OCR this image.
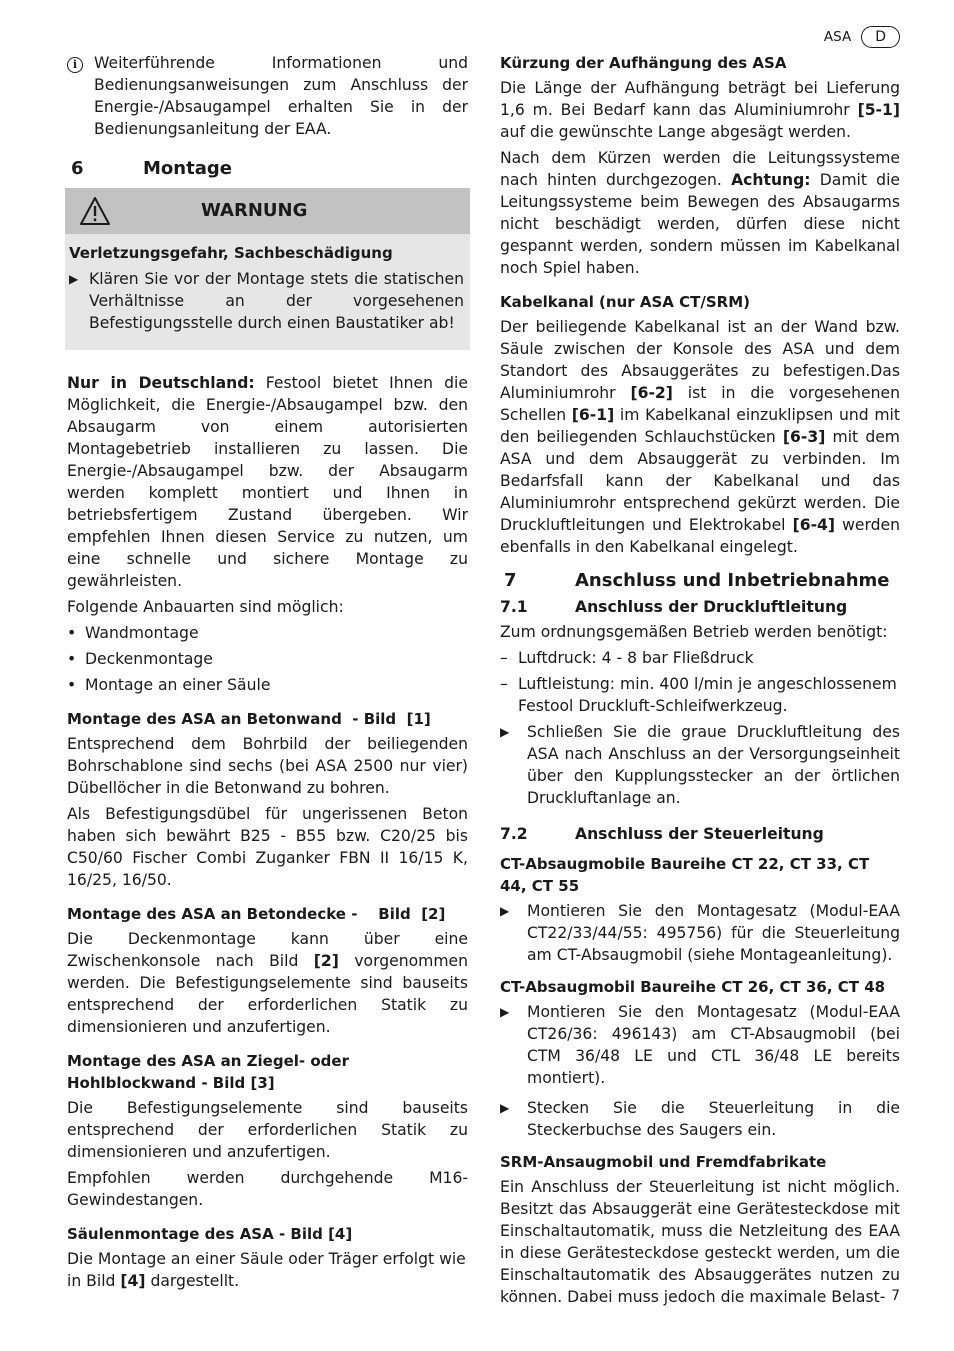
ASA	D
i	Weiterführende Informationen und Bedienungsanweisungen zum Anschluss der Energie-/Absaugampel erhalten Sie in der Bedienungsanleitung der EAA.

6	Montage
WARNUNG
Verletzungsgefahr, Sachbeschädigung
▶ Klären Sie vor der Montage stets die statischen Verhältnisse an der vorgesehenen Befestigungsstelle durch einen Baustatiker ab!

Nur in Deutschland: Festool bietet Ihnen die Möglichkeit, die Energie-/Absaugampel bzw. den Absaugarm von einem autorisierten Montagebetrieb installieren zu lassen. Die Energie-/Absaugampel bzw. der Absaugarm werden komplett montiert und Ihnen in betriebsfertigem Zustand übergeben. Wir empfehlen Ihnen diesen Service zu nutzen, um eine schnelle und sichere Montage zu gewährleisten.

Folgende Anbauarten sind möglich:

• Wandmontage
• Deckenmontage
• Montage an einer Säule
Montage des ASA an Betonwand  - Bild  [1]

Entsprechend dem Bohrbild der beiliegenden Bohrschablone sind sechs (bei ASA 2500 nur vier) Dübellöcher in die Betonwand zu bohren.

Als Befestigungsdübel für ungerissenen Beton haben sich bewährt B25 - B55 bzw. C20/25 bis C50/60 Fischer Combi Zuganker FBN II 16/15 K, 16/25, 16/50.

Montage des ASA an Betondecke -    Bild  [2]

Die Deckenmontage kann über eine Zwischenkonsole nach Bild [2] vorgenommen werden. Die Befestigungselemente sind bauseits entsprechend der erforderlichen Statik zu dimensionieren und anzufertigen.

Montage des ASA an Ziegel- oder Hohlblockwand - Bild [3]

Die Befestigungselemente sind bauseits entsprechend der erforderlichen Statik zu dimensionieren und anzufertigen.

Empfohlen werden durchgehende M16-Gewindestangen.

Säulenmontage des ASA - Bild [4]

Die Montage an einer Säule oder Träger erfolgt wie in Bild [4] dargestellt.

Kürzung der Aufhängung des ASA

Die Länge der Aufhängung beträgt bei Lieferung 1,6 m. Bei Bedarf kann das Aluminiumrohr [5-1] auf die gewünschte Lange abgesägt werden.

Nach dem Kürzen werden die Leitungssysteme nach hinten durchgezogen. Achtung: Damit die Leitungssysteme beim Bewegen des Absaugarms nicht beschädigt werden, dürfen diese nicht gespannt werden, sondern müssen im Kabelkanal noch Spiel haben.

Kabelkanal (nur ASA CT/SRM)

Der beiliegende Kabelkanal ist an der Wand bzw. Säule zwischen der Konsole des ASA und dem Standort des Absauggerätes zu befestigen.Das Aluminiumrohr [6-2] ist in die vorgesehenen Schellen [6-1] im Kabelkanal einzuklipsen und mit den beiliegenden Schlauchstücken [6-3] mit dem ASA und dem Absauggerät zu verbinden. Im Bedarfsfall kann der Kabelkanal und das Aluminiumrohr entsprechend gekürzt werden. Die Druckluftleitungen und Elektrokabel [6-4] werden ebenfalls in den Kabelkanal eingelegt.

7	Anschluss und Inbetriebnahme
7.1	Anschluss der Druckluftleitung

Zum ordnungsgemäßen Betrieb werden benötigt:

– Luftdruck: 4 - 8 bar Fließdruck
– Luftleistung: min. 400 l/min je angeschlossenem Festool Druckluft-Schleifwerkzeug.
▶	Schließen Sie die graue Druckluftleitung des ASA nach Anschluss an der Versorgungseinheit über den Kupplungsstecker an der örtlichen Druckluftanlage an.

7.2	Anschluss der Steuerleitung
CT-Absaugmobile Baureihe CT 22, CT 33, CT 44, CT 55
▶	Montieren Sie den Montagesatz (Modul-EAA CT22/33/44/55: 495756) für die Steuerleitung am CT-Absaugmobil (siehe Montageanleitung).

CT-Absaugmobil Baureihe CT 26, CT 36, CT 48
▶	Montieren Sie den Montagesatz (Modul-EAA CT26/36: 496143) am CT-Absaugmobil (bei CTM 36/48 LE und CTL 36/48 LE bereits montiert).

▶	Stecken Sie die Steuerleitung in die Steckerbuchse des Saugers ein.

SRM-Ansaugmobil und Fremdfabrikate

Ein Anschluss der Steuerleitung ist nicht möglich. Besitzt das Absauggerät eine Gerätesteckdose mit Einschaltautomatik, muss die Netzleitung des EAA in diese Gerätesteckdose gesteckt werden, um die Einschaltautomatik des Absauggerätes nutzen zu können. Dabei muss jedoch die maximale Belast- 7
